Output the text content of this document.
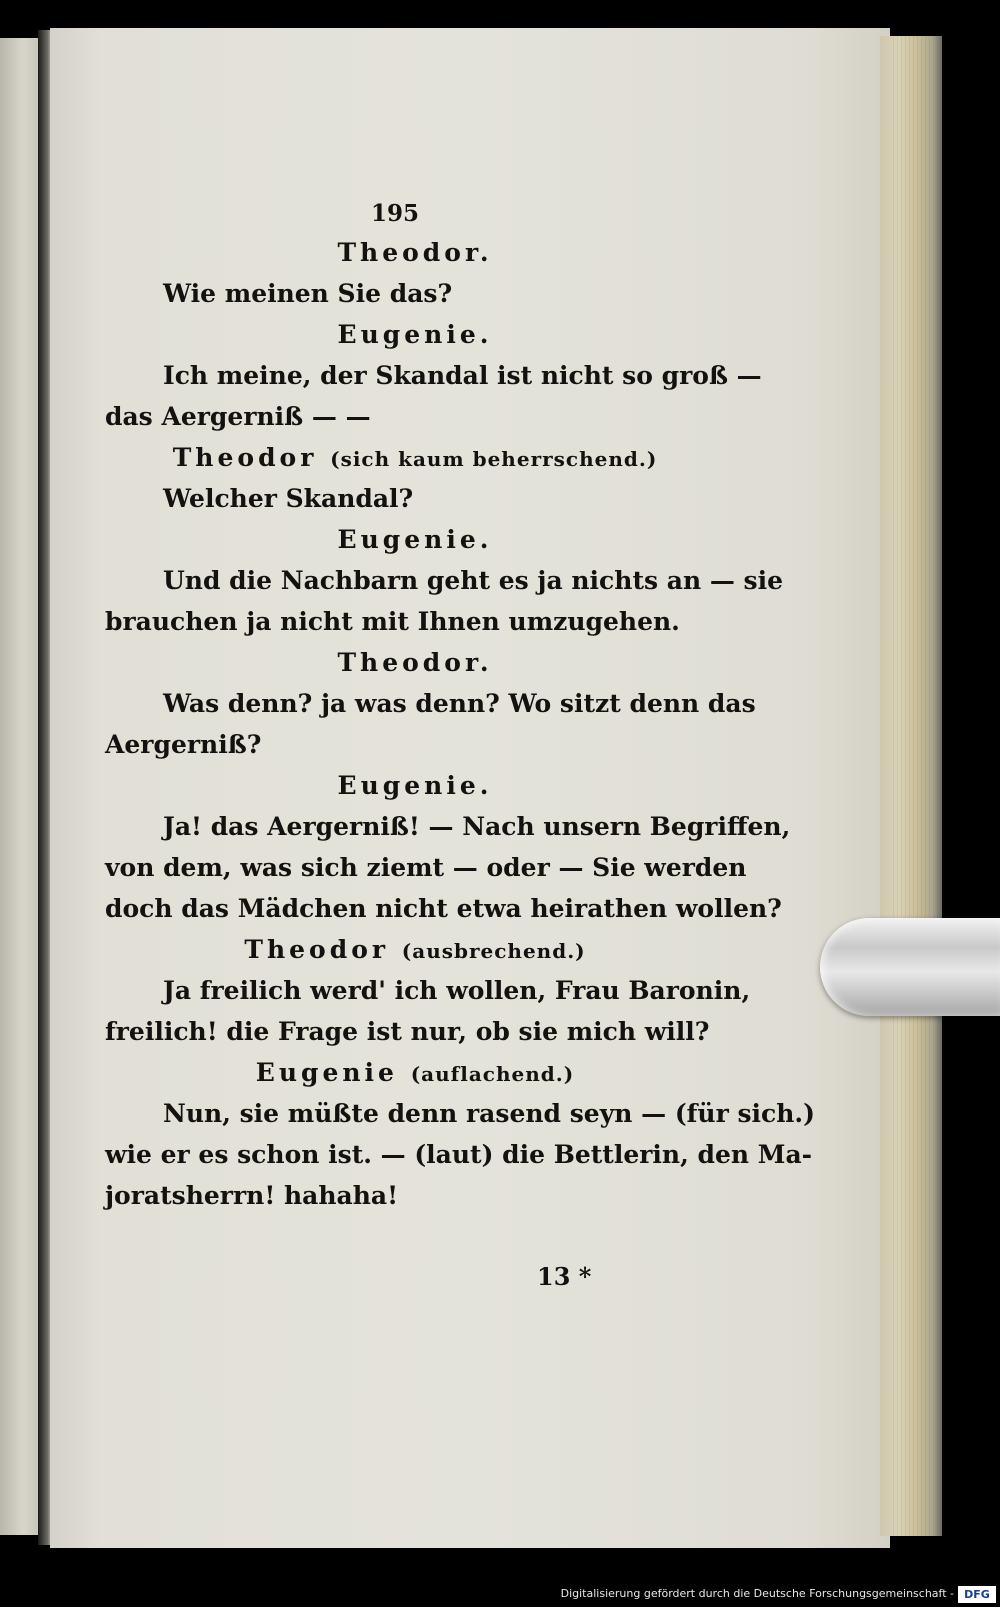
195
Theodor.
Wie meinen Sie das?
Eugenie.
Ich meine, der Skandal ist nicht so groß —
das Aergerniß — —
Theodor (sich kaum beherrschend.)
Welcher Skandal?
Eugenie.
Und die Nachbarn geht es ja nichts an — sie
brauchen ja nicht mit Ihnen umzugehen.
Theodor.
Was denn? ja was denn? Wo sitzt denn das
Aergerniß?
Eugenie.
Ja! das Aergerniß! — Nach unsern Begriffen,
von dem, was sich ziemt — oder — Sie werden
doch das Mädchen nicht etwa heirathen wollen?
Theodor (ausbrechend.)
Ja freilich werd' ich wollen, Frau Baronin,
freilich! die Frage ist nur, ob sie mich will?
Eugenie (auflachend.)
Nun, sie müßte denn rasend seyn — (für sich.)
wie er es schon ist. — (laut) die Bettlerin, den Ma-
joratsherrn! hahaha!
13 *
Digitalisierung gefördert durch die Deutsche Forschungsgemeinschaft - DFG
